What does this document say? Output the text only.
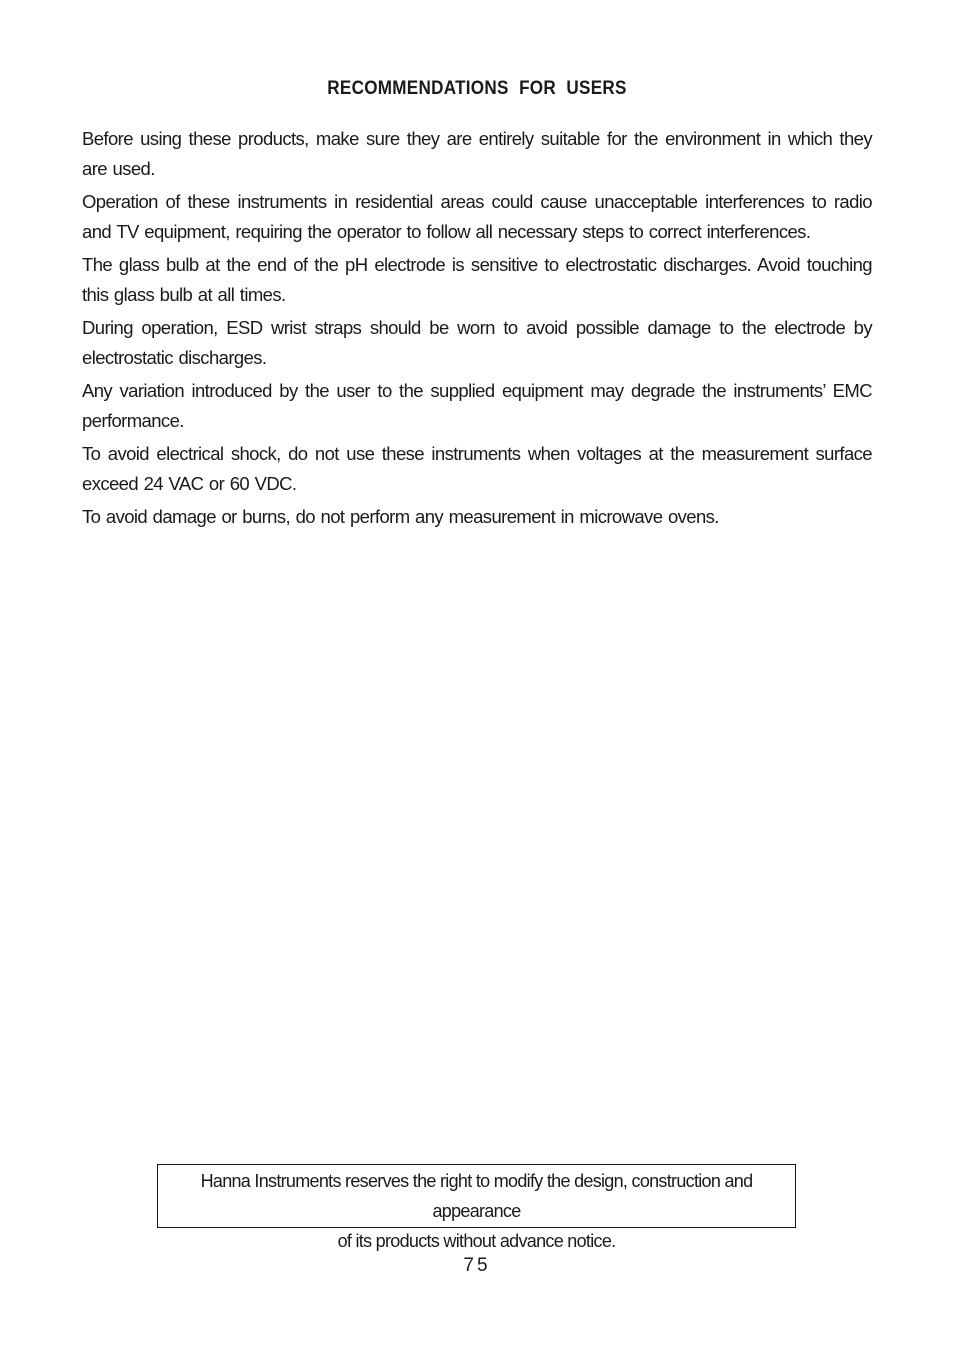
RECOMMENDATIONS FOR USERS

Before using these products, make sure they are entirely suitable for the environment in which they are used.

Operation of these instruments in residential areas could cause unacceptable interferences to radio and TV equipment, requiring the operator to follow all necessary steps to correct interferences.

The glass bulb at the end of the pH electrode is sensitive to electrostatic discharges. Avoid touching this glass bulb at all times.

During operation, ESD wrist straps should be worn to avoid possible damage to the electrode by electrostatic discharges.

Any variation introduced by the user to the supplied equipment may degrade the instruments’ EMC performance.

To avoid electrical shock, do not use these instruments when voltages at the measurement surface exceed 24 VAC or 60 VDC.

To avoid damage or burns, do not perform any measurement in microwave ovens.

Hanna Instruments reserves the right to modify the design, construction and appearance
of its products without advance notice.
75
